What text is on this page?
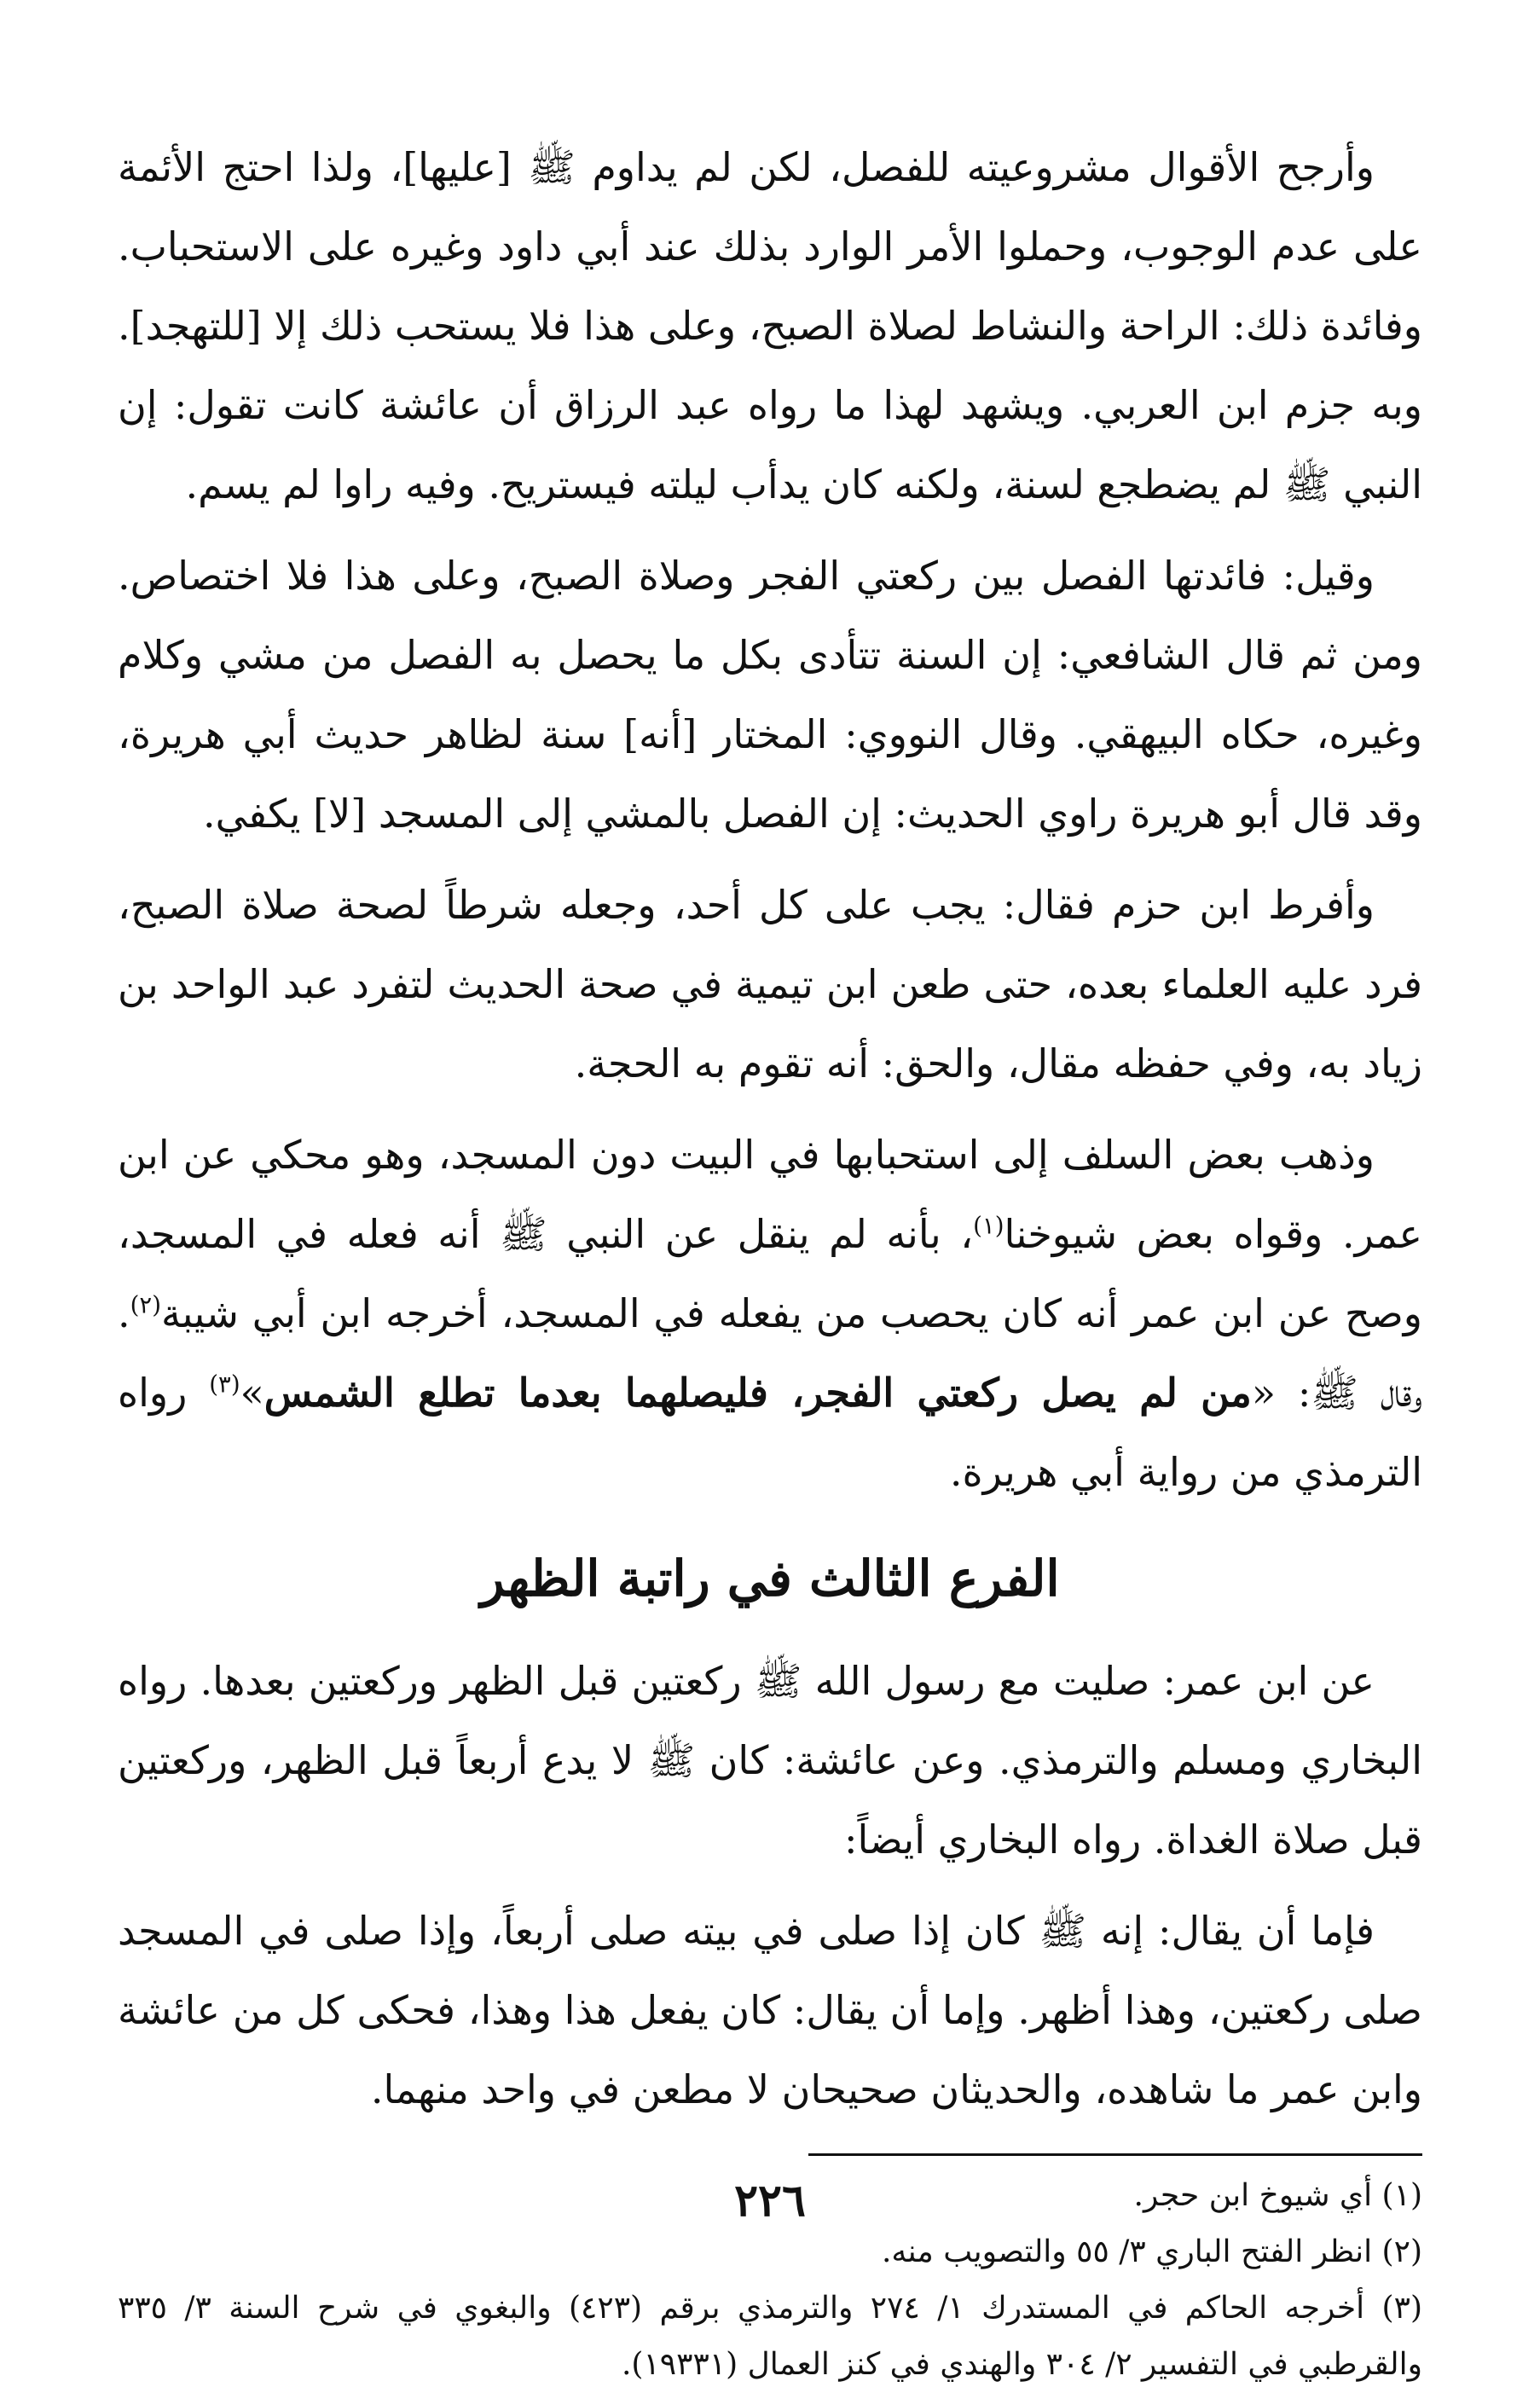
وأرجح الأقوال مشروعيته للفصل، لكن لم يداوم ﷺ [عليها]، ولذا احتج الأئمة على عدم الوجوب، وحملوا الأمر الوارد بذلك عند أبي داود وغيره على الاستحباب. وفائدة ذلك: الراحة والنشاط لصلاة الصبح، وعلى هذا فلا يستحب ذلك إلا [للتهجد]. وبه جزم ابن العربي. ويشهد لهذا ما رواه عبد الرزاق أن عائشة كانت تقول: إن النبي ﷺ لم يضطجع لسنة، ولكنه كان يدأب ليلته فيستريح. وفيه راوا لم يسم.

وقيل: فائدتها الفصل بين ركعتي الفجر وصلاة الصبح، وعلى هذا فلا اختصاص. ومن ثم قال الشافعي: إن السنة تتأدى بكل ما يحصل به الفصل من مشي وكلام وغيره، حكاه البيهقي. وقال النووي: المختار [أنه] سنة لظاهر حديث أبي هريرة، وقد قال أبو هريرة راوي الحديث: إن الفصل بالمشي إلى المسجد [لا] يكفي.

وأفرط ابن حزم فقال: يجب على كل أحد، وجعله شرطاً لصحة صلاة الصبح، فرد عليه العلماء بعده، حتى طعن ابن تيمية في صحة الحديث لتفرد عبد الواحد بن زياد به، وفي حفظه مقال، والحق: أنه تقوم به الحجة.

وذهب بعض السلف إلى استحبابها في البيت دون المسجد، وهو محكي عن ابن عمر. وقواه بعض شيوخنا$^{(١)}$، بأنه لم ينقل عن النبي ﷺ أنه فعله في المسجد، وصح عن ابن عمر أنه كان يحصب من يفعله في المسجد، أخرجه ابن أبي شيبة$^{(٢)}$. وقال ﷺ: «من لم يصل ركعتي الفجر، فليصلهما بعدما تطلع الشمس»$^{(٣)}$ رواه الترمذي من رواية أبي هريرة.

الفرع الثالث في راتبة الظهر

عن ابن عمر: صليت مع رسول الله ﷺ ركعتين قبل الظهر وركعتين بعدها. رواه البخاري ومسلم والترمذي. وعن عائشة: كان ﷺ لا يدع أربعاً قبل الظهر، وركعتين قبل صلاة الغداة. رواه البخاري أيضاً:

فإما أن يقال: إنه ﷺ كان إذا صلى في بيته صلى أربعاً، وإذا صلى في المسجد صلى ركعتين، وهذا أظهر. وإما أن يقال: كان يفعل هذا وهذا، فحكى كل من عائشة وابن عمر ما شاهده، والحديثان صحيحان لا مطعن في واحد منهما.

(١) أي شيوخ ابن حجر.

(٢) انظر الفتح الباري ٣/ ٥٥ والتصويب منه.

(٣) أخرجه الحاكم في المستدرك ١/ ٢٧٤ والترمذي برقم (٤٢٣) والبغوي في شرح السنة ٣/ ٣٣٥ والقرطبي في التفسير ٢/ ٣٠٤ والهندي في كنز العمال (١٩٣٣١).

٢٢٦
